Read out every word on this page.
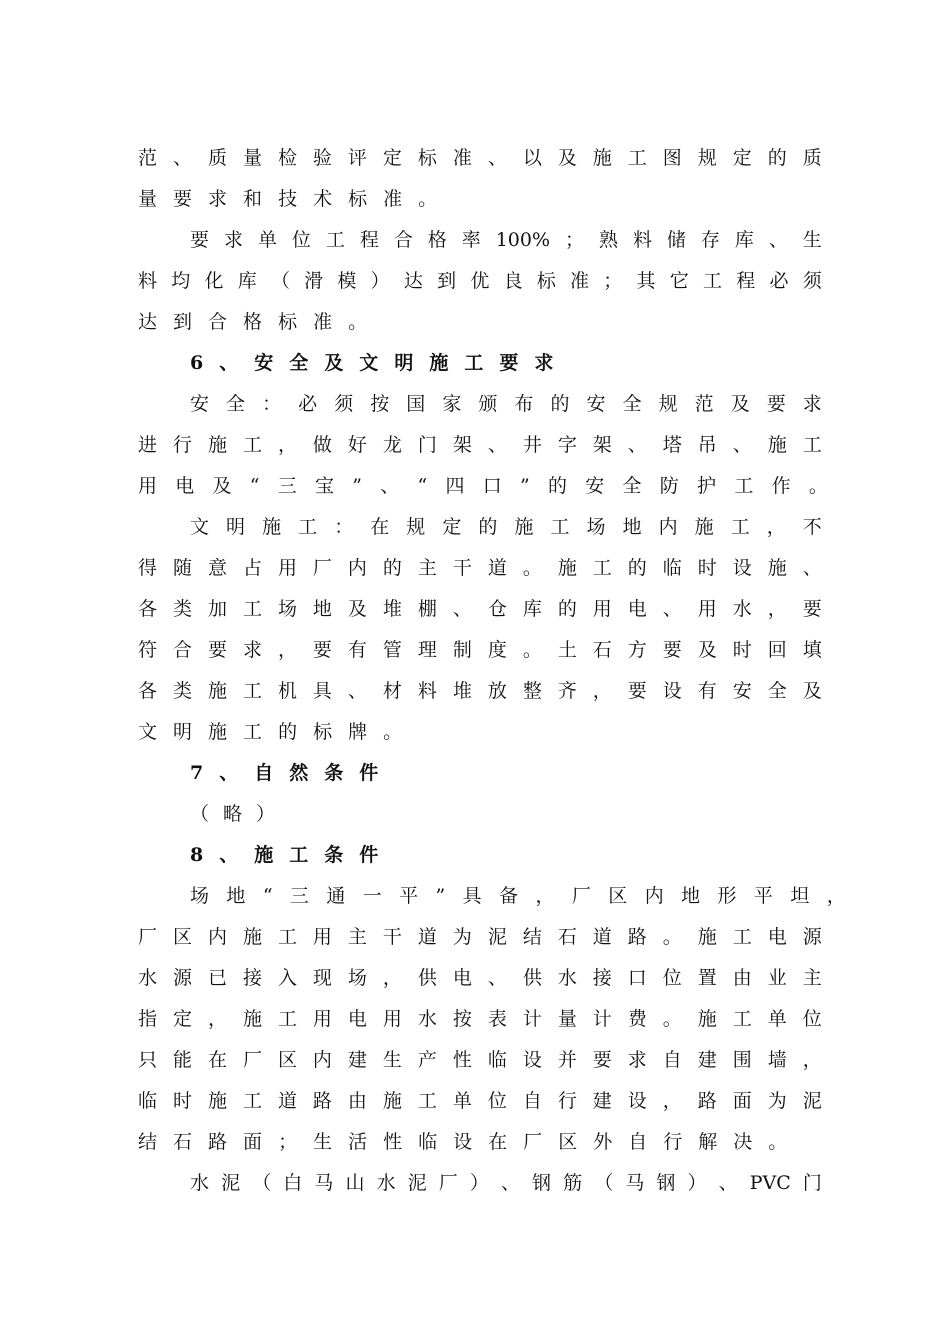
范 、 质 量 检 验 评 定 标 准 、 以 及 施 工 图 规 定 的 质
量 要 求 和 技 术 标 准 。
要 求 单 位 工 程 合 格 率 100% ； 熟 料 储 存 库 、 生
料 均 化 库 （ 滑 模 ） 达 到 优 良 标 准 ； 其 它 工 程 必 须
达 到 合 格 标 准 。
6 、 安 全 及 文 明 施 工 要 求
安 全 ： 必 须 按 国 家 颁 布 的 安 全 规 范 及 要 求
进 行 施 工 ， 做 好 龙 门 架 、 井 字 架 、 塔 吊 、 施 工
用 电 及 “ 三 宝 ” 、 “ 四 口 ” 的 安 全 防 护 工 作 。
文 明 施 工 ： 在 规 定 的 施 工 场 地 内 施 工 ， 不
得 随 意 占 用 厂 内 的 主 干 道 。 施 工 的 临 时 设 施 、
各 类 加 工 场 地 及 堆 棚 、 仓 库 的 用 电 、 用 水 ， 要
符 合 要 求 ， 要 有 管 理 制 度 。 土 石 方 要 及 时 回 填
各 类 施 工 机 具 、 材 料 堆 放 整 齐 ， 要 设 有 安 全 及
文 明 施 工 的 标 牌 。
7 、 自 然 条 件
（ 略 ）
8 、 施 工 条 件
场 地 “ 三 通 一 平 ” 具 备 ， 厂 区 内 地 形 平 坦 ，
厂 区 内 施 工 用 主 干 道 为 泥 结 石 道 路 。 施 工 电 源
水 源 已 接 入 现 场 ， 供 电 、 供 水 接 口 位 置 由 业 主
指 定 ， 施 工 用 电 用 水 按 表 计 量 计 费 。 施 工 单 位
只 能 在 厂 区 内 建 生 产 性 临 设 并 要 求 自 建 围 墙 ，
临 时 施 工 道 路 由 施 工 单 位 自 行 建 设 ， 路 面 为 泥
结 石 路 面 ； 生 活 性 临 设 在 厂 区 外 自 行 解 决 。
水 泥 （ 白 马 山 水 泥 厂 ） 、 钢 筋 （ 马 钢 ） 、 PVC 门
